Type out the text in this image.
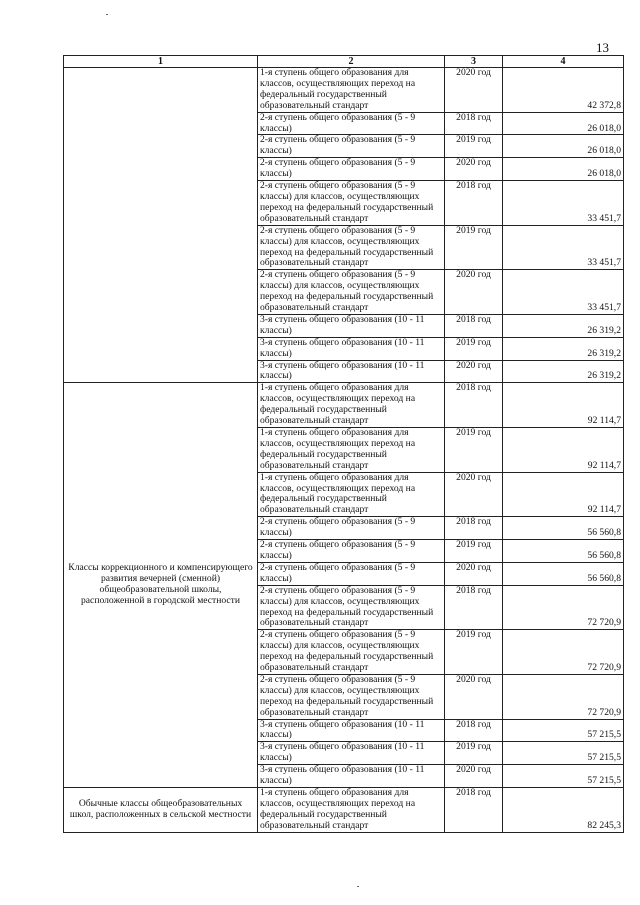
13
1	2	3	4
	1-я ступень общего образования для классов, осуществляющих переход на федеральный государственный образовательный стандарт	2020 год	42 372,8
	2-я ступень общего образования (5 - 9 классы)	2018 год	26 018,0
	2-я ступень общего образования (5 - 9 классы)	2019 год	26 018,0
	2-я ступень общего образования (5 - 9 классы)	2020 год	26 018,0
	2-я ступень общего образования (5 - 9 классы) для классов, осуществляющих переход на федеральный государственный образовательный стандарт	2018 год	33 451,7
	2-я ступень общего образования (5 - 9 классы) для классов, осуществляющих переход на федеральный государственный образовательный стандарт	2019 год	33 451,7
	2-я ступень общего образования (5 - 9 классы) для классов, осуществляющих переход на федеральный государственный образовательный стандарт	2020 год	33 451,7
	3-я ступень общего образования (10 - 11 классы)	2018 год	26 319,2
	3-я ступень общего образования (10 - 11 классы)	2019 год	26 319,2
	3-я ступень общего образования (10 - 11 классы)	2020 год	26 319,2
Классы коррекционного и компенсирующего развития вечерней (сменной) общеобразовательной школы, расположенной в городской местности	1-я ступень общего образования для классов, осуществляющих переход на федеральный государственный образовательный стандарт	2018 год	92 114,7
	1-я ступень общего образования для классов, осуществляющих переход на федеральный государственный образовательный стандарт	2019 год	92 114,7
	1-я ступень общего образования для классов, осуществляющих переход на федеральный государственный образовательный стандарт	2020 год	92 114,7
	2-я ступень общего образования (5 - 9 классы)	2018 год	56 560,8
	2-я ступень общего образования (5 - 9 классы)	2019 год	56 560,8
	2-я ступень общего образования (5 - 9 классы)	2020 год	56 560,8
	2-я ступень общего образования (5 - 9 классы) для классов, осуществляющих переход на федеральный государственный образовательный стандарт	2018 год	72 720,9
	2-я ступень общего образования (5 - 9 классы) для классов, осуществляющих переход на федеральный государственный образовательный стандарт	2019 год	72 720,9
	2-я ступень общего образования (5 - 9 классы) для классов, осуществляющих переход на федеральный государственный образовательный стандарт	2020 год	72 720,9
	3-я ступень общего образования (10 - 11 классы)	2018 год	57 215,5
	3-я ступень общего образования (10 - 11 классы)	2019 год	57 215,5
	3-я ступень общего образования (10 - 11 классы)	2020 год	57 215,5
Обычные классы общеобразовательных школ, расположенных в сельской местности	1-я ступень общего образования для классов, осуществляющих переход на федеральный государственный образовательный стандарт	2018 год	82 245,3
